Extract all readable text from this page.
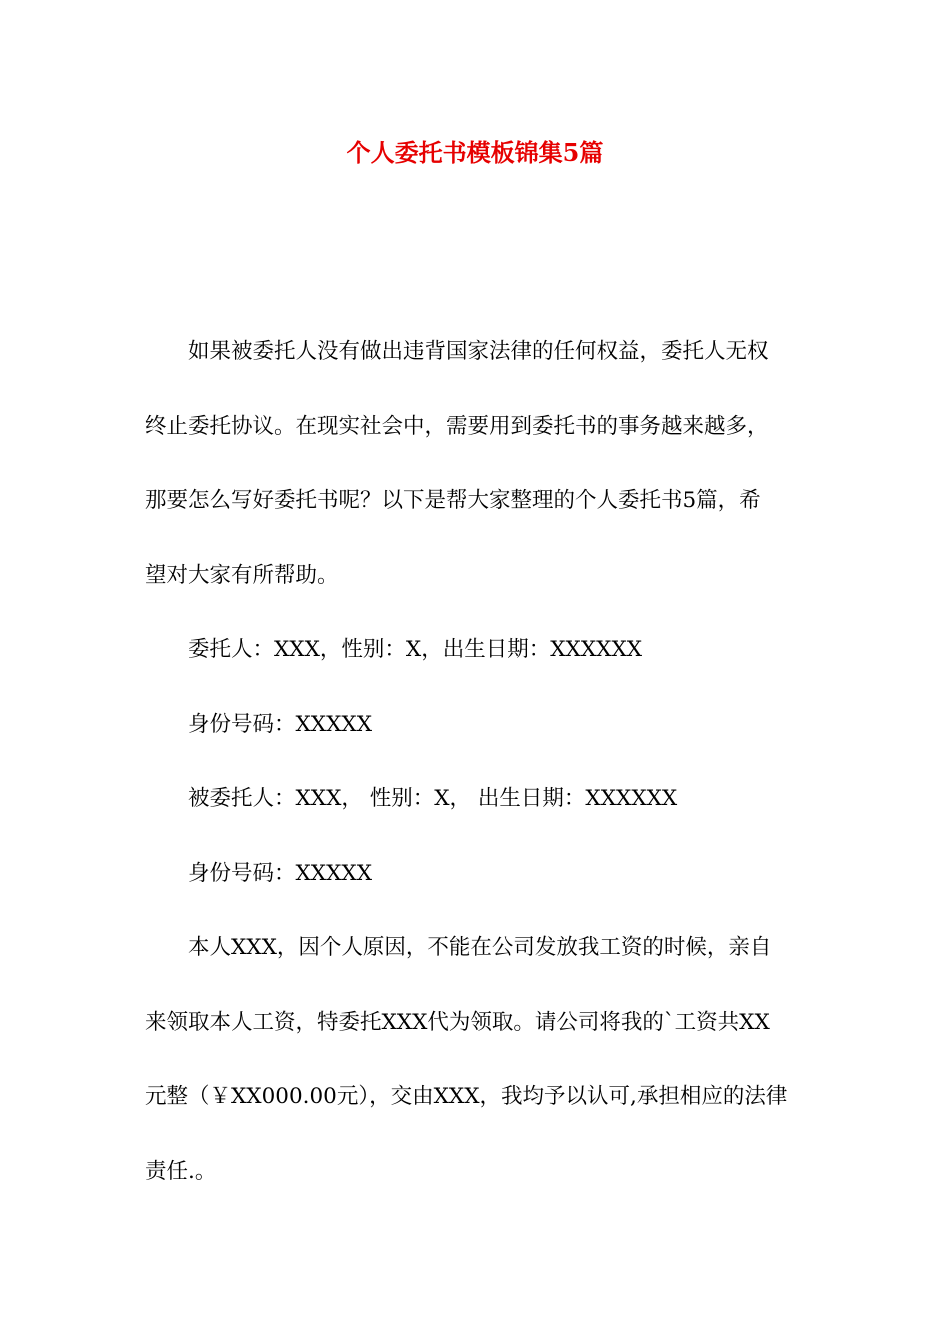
个人委托书模板锦集5篇

如果被委托人没有做出违背国家法律的任何权益，委托人无权
终止委托协议。在现实社会中，需要用到委托书的事务越来越多，
那要怎么写好委托书呢？以下是帮大家整理的个人委托书5篇，希
望对大家有所帮助。

委托人：XXX，性别：X，出生日期：XXXXXX

身份号码：XXXXX

被委托人：XXX， 性别：X， 出生日期：XXXXXX

身份号码：XXXXX

本人XXX，因个人原因，不能在公司发放我工资的时候，亲自
来领取本人工资，特委托XXX代为领取。请公司将我的`工资共XX
元整（￥XX000.00元），交由XXX，我均予以认可,承担相应的法律
责任.。
